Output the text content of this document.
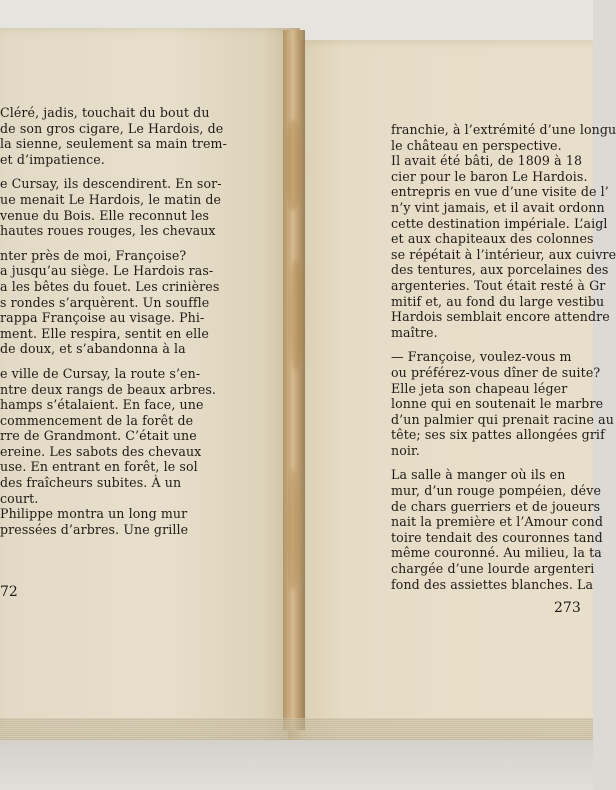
Cléré, jadis, touchait du bout du
de son gros cigare, Le Hardois, de
la sienne, seulement sa main trem-
et d’impatience.
e Cursay, ils descendirent. En sor-
ue menait Le Hardois, le matin de
venue du Bois. Elle reconnut les
hautes roues rouges, les chevaux
nter près de moi, Françoise?
a jusqu’au siège. Le Hardois ras-
a les bêtes du fouet. Les crinières
s rondes s’arquèrent. Un souffle
rappa Françoise au visage. Phi-
ment. Elle respira, sentit en elle
de doux, et s’abandonna à la
e ville de Cursay, la route s’en-
ntre deux rangs de beaux arbres.
hamps s’étalaient. En face, une
commencement de la forêt de
rre de Grandmont. C’était une
ereine. Les sabots des chevaux
use. En entrant en forêt, le sol
des fraîcheurs subites. À un
court.
Philippe montra un long mur
pressées d’arbres. Une grille
72
franchie, à l’extrémité d’une longu
le château en perspective.
Il avait été bâti, de 1809 à 18
cier pour le baron Le Hardois.
entrepris en vue d’une visite de l’
n’y vint jamais, et il avait ordonn
cette destination impériale. L’aigl
et aux chapiteaux des colonnes
se répétait à l’intérieur, aux cuivre
des tentures, aux porcelaines des
argenteries. Tout était resté à Gr
mitif et, au fond du large vestibu
Hardois semblait encore attendre
maître.
— Françoise, voulez-vous m
ou préférez-vous dîner de suite?
Elle jeta son chapeau léger
lonne qui en soutenait le marbre
d’un palmier qui prenait racine au
tête; ses six pattes allongées grif
noir.
La salle à manger où ils en
mur, d’un rouge pompéien, déve
de chars guerriers et de joueurs
nait la première et l’Amour cond
toire tendait des couronnes tand
même couronné. Au milieu, la ta
chargée d’une lourde argenteri
fond des assiettes blanches. La
273
